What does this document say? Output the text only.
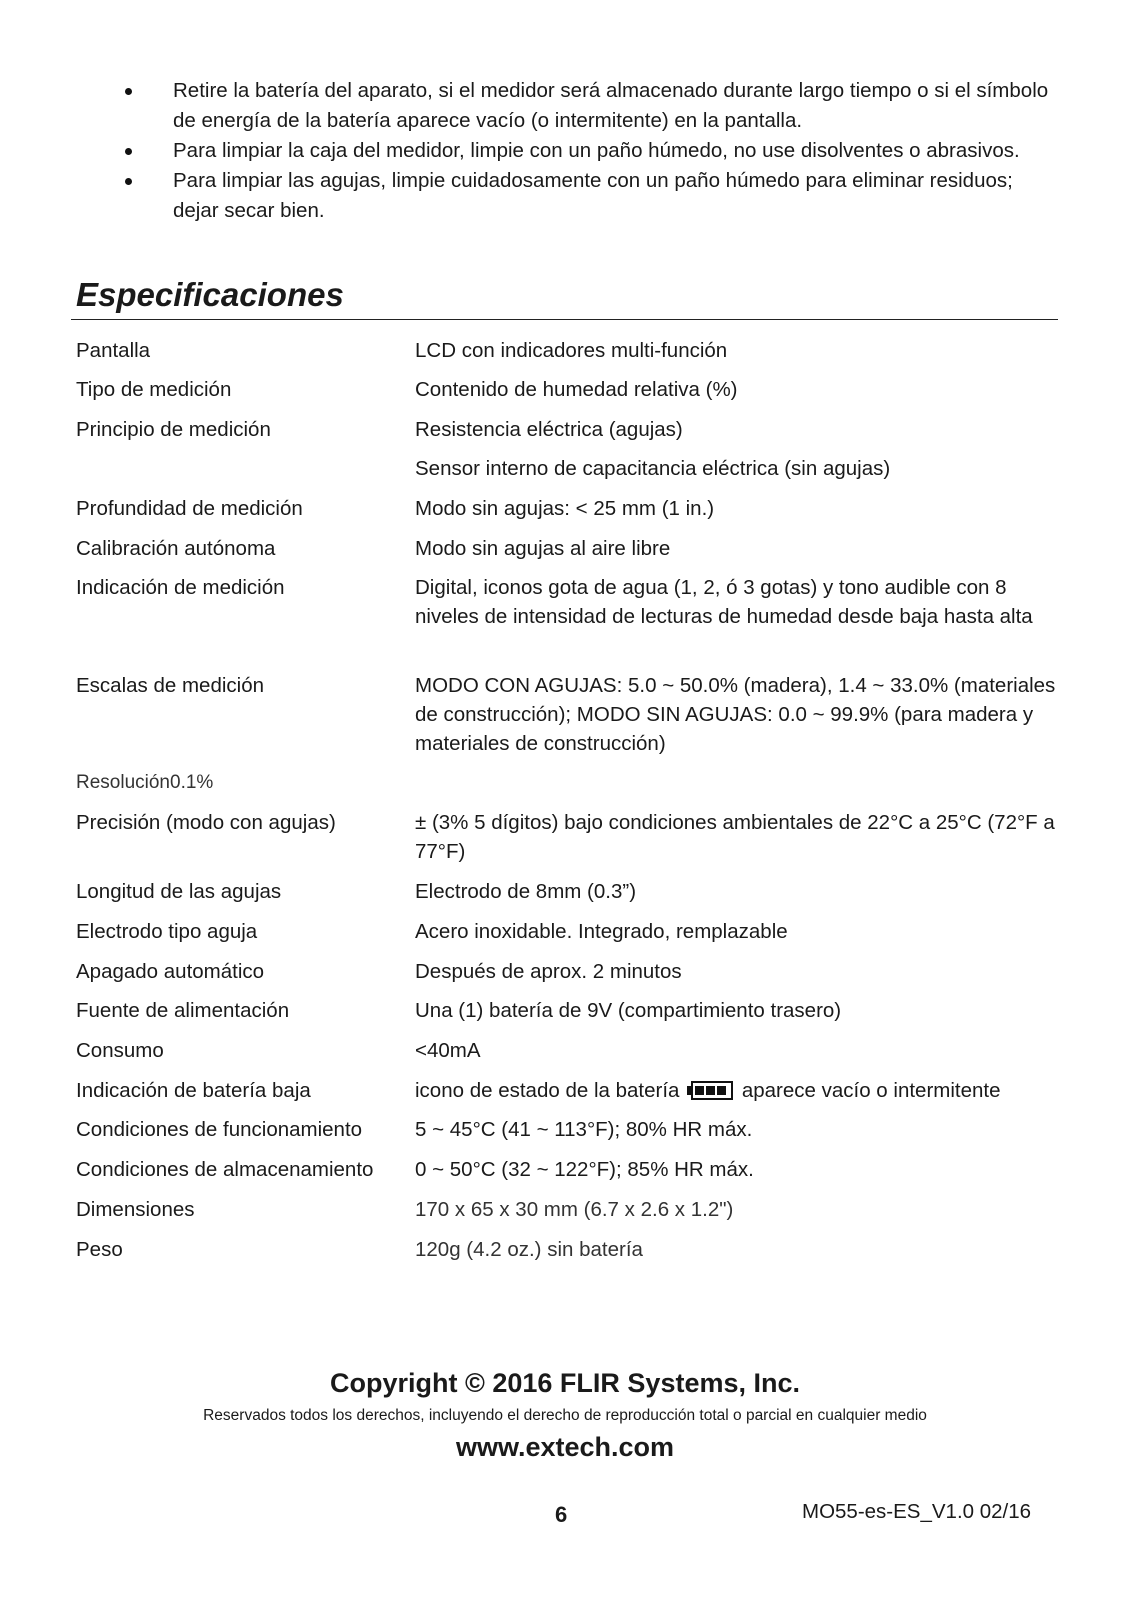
Retire la batería del aparato, si el medidor será almacenado durante largo tiempo o si el símbolo de energía de la batería aparece vacío (o intermitente) en la pantalla.
Para limpiar la caja del medidor, limpie con un paño húmedo, no use disolventes o abrasivos.
Para limpiar las agujas, limpie cuidadosamente con un paño húmedo para eliminar residuos; dejar secar bien.
Especificaciones
Pantalla	LCD con indicadores multi-función
Tipo de medición	Contenido de humedad relativa (%)
Principio de medición	Resistencia eléctrica (agujas)
Sensor interno de capacitancia eléctrica (sin agujas)
Profundidad de medición	Modo sin agujas: < 25 mm (1 in.)
Calibración autónoma	Modo sin agujas al aire libre
Indicación de medición	Digital, iconos gota de agua (1, 2, ó 3 gotas) y tono audible con 8 niveles de intensidad de lecturas de humedad desde baja hasta alta
Escalas de medición	MODO CON AGUJAS: 5.0 ~ 50.0% (madera), 1.4 ~ 33.0% (materiales de construcción); MODO SIN AGUJAS: 0.0 ~ 99.9% (para madera y materiales de construcción)
Resolución0.1%
Precisión (modo con agujas)	± (3% 5 dígitos) bajo condiciones ambientales de 22°C a 25°C (72°F a 77°F)
Longitud de las agujas	Electrodo de 8mm (0.3”)
Electrodo tipo aguja	Acero inoxidable. Integrado, remplazable
Apagado automático	Después de aprox. 2 minutos
Fuente de alimentación	Una (1) batería de 9V (compartimiento trasero)
Consumo	<40mA
Indicación de batería baja	icono de estado de la batería	aparece vacío o intermitente
Condiciones de funcionamiento	5 ~ 45°C (41 ~ 113°F); 80% HR máx.
Condiciones de almacenamiento	0 ~ 50°C (32 ~ 122°F); 85% HR máx.
Dimensiones	170 x 65 x 30 mm (6.7 x 2.6 x 1.2")
Peso	120g (4.2 oz.) sin batería
Copyright © 2016 FLIR Systems, Inc.
Reservados todos los derechos, incluyendo el derecho de reproducción total o parcial en cualquier medio
www.extech.com
6	MO55-es-ES_V1.0 02/16
